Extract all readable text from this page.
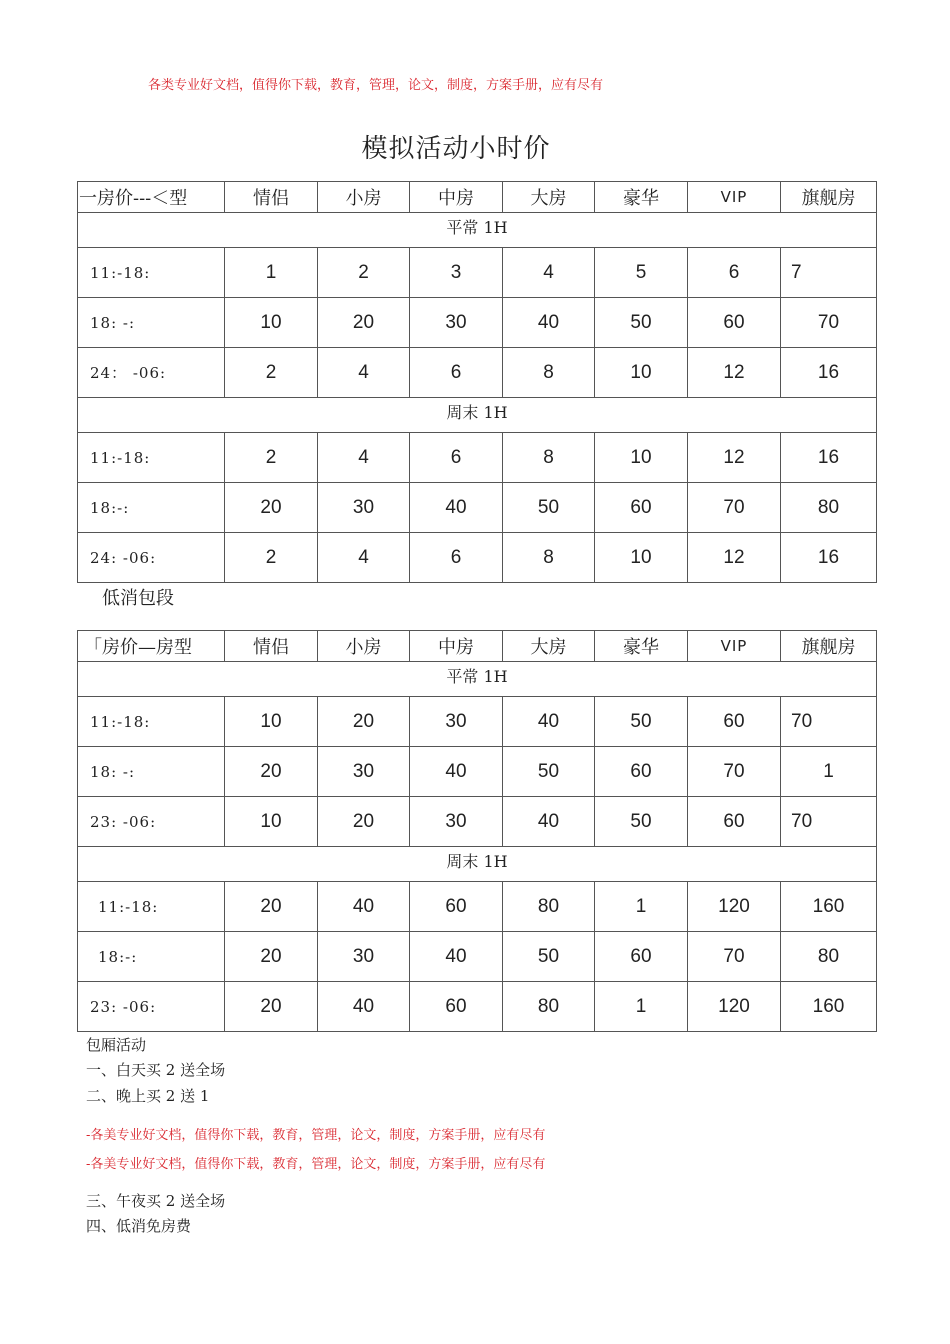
各类专业好文档，值得你下载，教育，管理，论文，制度，方案手册，应有尽有
模拟活动小时价
一房价---＜型	情侣	小房	中房	大房	豪华	VIP	旗舰房
平常 1H							
11:-18:	1	2	3	4	5	6	7
18: -:	10	20	30	40	50	60	70
24： -06:	2	4	6	8	10	12	16
周末 1H							
11:-18:	2	4	6	8	10	12	16
18:-:	20	30	40	50	60	70	80
24: -06:	2	4	6	8	10	12	16
低消包段
「房价—房型	情侣	小房	中房	大房	豪华	VIP	旗舰房
平常 1H							
11:-18:	10	20	30	40	50	60	70
18: -:	20	30	40	50	60	70	1
23: -06:	10	20	30	40	50	60	70
周末 1H							
11:-18:	20	40	60	80	1	120	160
18:-:	20	30	40	50	60	70	80
23: -06:	20	40	60	80	1	120	160
包厢活动
一、白天买 2 送全场
二、晚上买 2 送 1
-各美专业好文档，值得你下载，教育，管理，论文，制度，方案手册，应有尽有
-各美专业好文档，值得你下载，教育，管理，论文，制度，方案手册，应有尽有
三、午夜买 2 送全场
四、低消免房费
